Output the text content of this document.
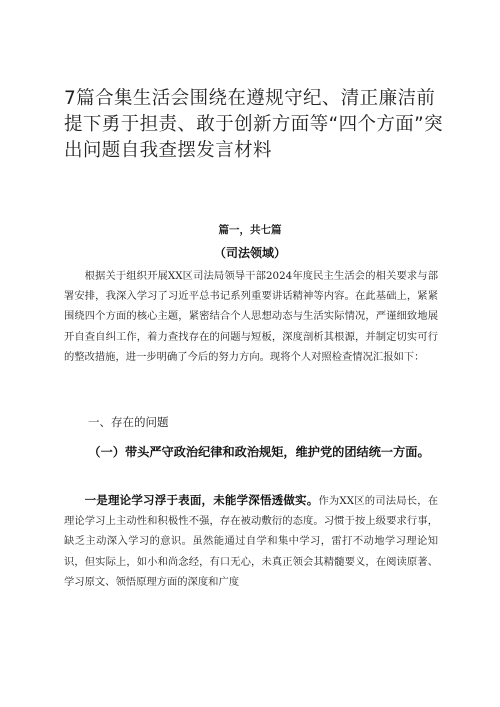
7篇合集生活会围绕在遵规守纪、清正廉洁前提下勇于担责、敢于创新方面等“四个方面”突出问题自我查摆发言材料
篇一，共七篇
（司法领域）

根据关于组织开展XX区司法局领导干部2024年度民主生活会的相关要求与部署安排，我深入学习了习近平总书记系列重要讲话精神等内容。在此基础上，紧紧围绕四个方面的核心主题，紧密结合个人思想动态与生活实际情况，严谨细致地展开自查自纠工作，着力查找存在的问题与短板，深度剖析其根源，并制定切实可行的整改措施，进一步明确了今后的努力方向。现将个人对照检查情况汇报如下：

一、存在的问题

（一）带头严守政治纪律和政治规矩，维护党的团结统一方面。

一是理论学习浮于表面，未能学深悟透做实。作为XX区的司法局长，在理论学习上主动性和积极性不强，存在被动敷衍的态度。习惯于按上级要求行事，缺乏主动深入学习的意识。虽然能通过自学和集中学习，雷打不动地学习理论知识，但实际上，如小和尚念经，有口无心，未真正领会其精髓要义，在阅读原著、学习原文、领悟原理方面的深度和广度
